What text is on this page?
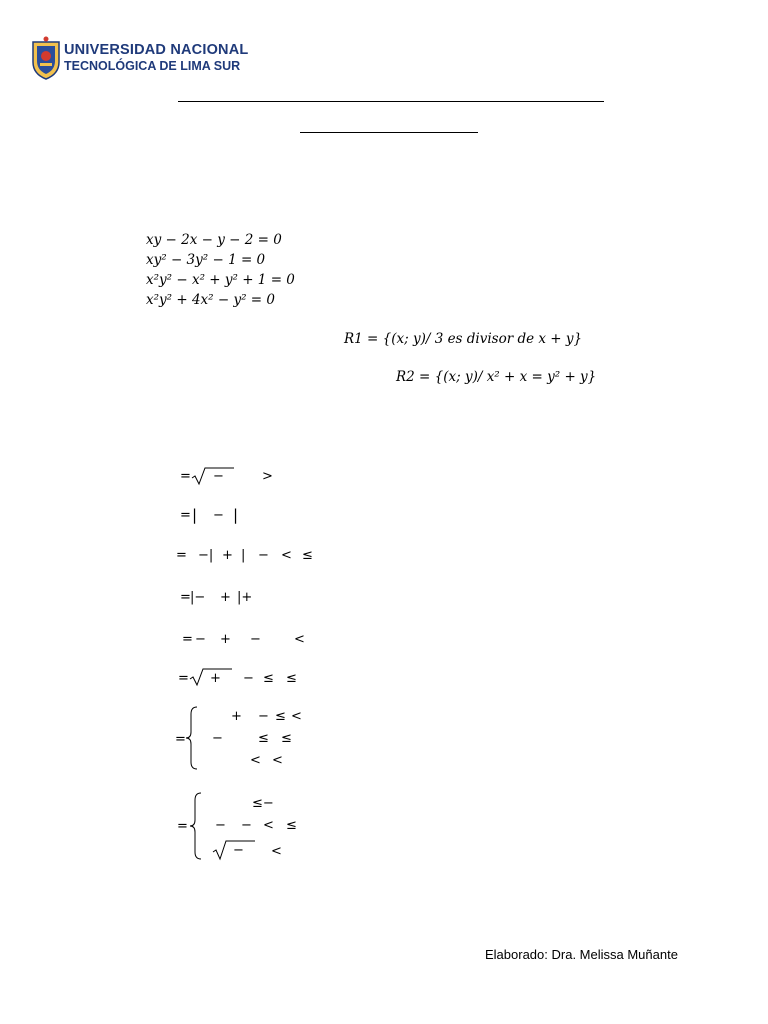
UNIVERSIDAD NACIONAL
TECNOLÓGICA DE LIMA SUR
xy − 2x − y − 2 = 0
xy² − 3y² − 1 = 0
x²y² − x² + y² + 1 = 0
x²y² + 4x² − y² = 0
R1 = {(x; y)/ 3 es divisor de x + y}
R2 = {(x; y)/ x² + x = y² + y}
= −	>
= | − |
= −| + | − < ≤
= |− + |+
= − + −	<
= + − ≤ ≤
=
+ − ≤ <
−	≤ ≤
< <
=
≤−
− − < ≤
− <
Elaborado: Dra. Melissa Muñante
